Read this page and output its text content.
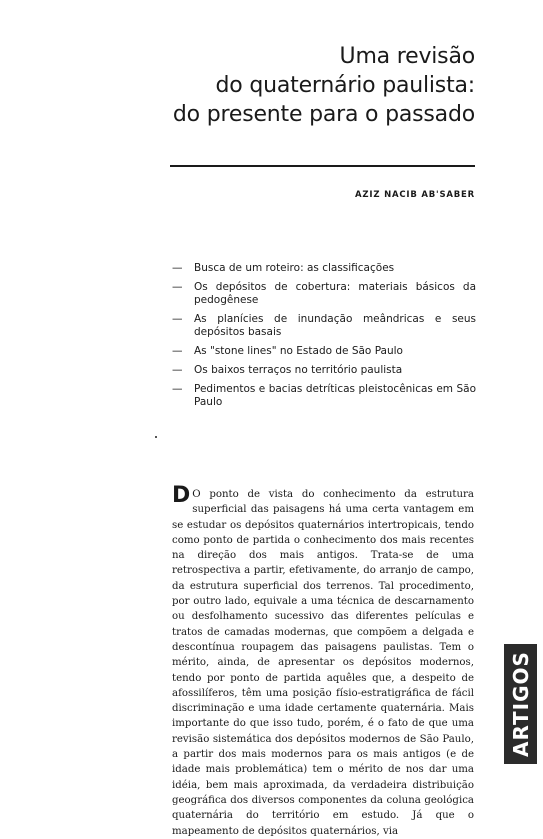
Uma revisão
do quaternário paulista:
do presente para o passado
AZIZ NACIB AB'SABER
— Busca de um roteiro: as classificações
— Os depósitos de cobertura: materiais básicos da pedogênese
— As planícies de inundação meândricas e seus depósitos basais
— As "stone lines" no Estado de São Paulo
— Os baixos terraços no território paulista
— Pedimentos e bacias detríticas pleistocênicas em São Paulo

D O ponto de vista do conhecimento da estrutura superficial das paisagens há uma certa vantagem em se estudar os depósitos quaternários intertropicais, tendo como ponto de partida o conhecimento dos mais recentes na direção dos mais antigos. Trata-se de uma retrospectiva a partir, efetivamente, do arranjo de campo, da estrutura superficial dos terrenos. Tal procedimento, por outro lado, equivale a uma técnica de descarnamento ou desfolhamento sucessivo das diferentes películas e tratos de camadas modernas, que compõem a delgada e descontínua roupagem das paisagens paulistas. Tem o mérito, ainda, de apresentar os depósitos modernos, tendo por ponto de partida aquêles que, a despeito de afossilíferos, têm uma posição físio-estratigráfica de fácil discriminação e uma idade certamente quaternária. Mais importante do que isso tudo, porém, é o fato de que uma revisão sistemática dos depósitos modernos de São Paulo, a partir dos mais modernos para os mais antigos (e de idade mais problemática) tem o mérito de nos dar uma idéia, bem mais aproximada, da verdadeira distribuição geográfica dos diversos componentes da coluna geológica quaternária do território em estudo. Já que o mapeamento de depósitos quaternários, via

ARTIGOS
